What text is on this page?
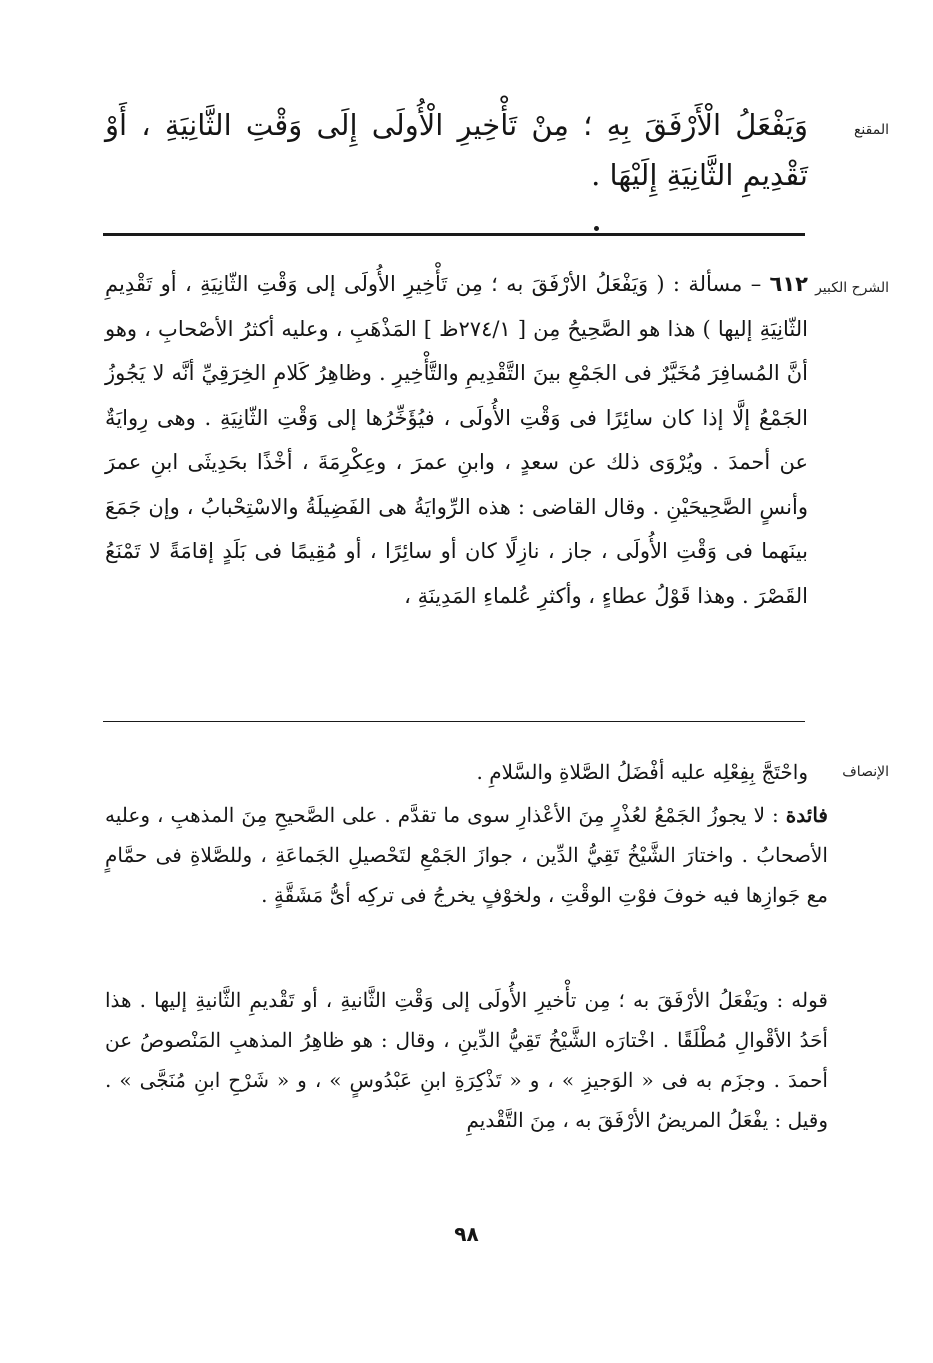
المقنع
وَيَفْعَلُ الْأَرْفَقَ بِهِ ؛ مِنْ تَأْخِيرِ الْأُولَى إِلَى وَقْتِ الثَّانِيَةِ ، أَوْ تَقْدِيمِ الثَّانِيَةِ إِلَيْهَا .
الشرح الكبير
٦١٢ – مسألة : ( وَيَفْعَلُ الأرْفَقَ به ؛ مِن تَأْخِيرِ الأُولَى إلى وَقْتِ الثّانِيَةِ ، أو تَقْدِيمِ الثّانِيَةِ إليها ) هذا هو الصَّحِيحُ مِن [ ٢٧٤/١ظ ] المَذْهَبِ ، وعليه أكثرُ الأصْحابِ ، وهو أنَّ المُسافِرَ مُخَيَّرٌ فى الجَمْعِ بينَ التَّقْدِيمِ والتَّأْخِيرِ . وظاهِرُ كَلامِ الخِرَقِيِّ أنَّه لا يَجُوزُ الجَمْعُ إلَّا إذا كان سائِرًا فى وَقْتِ الأُولَى ، فيُؤَخِّرُها إلى وَقْتِ الثّانِيَةِ . وهى رِوايَةٌ عن أحمدَ . ويُرْوَى ذلك عن سعدٍ ، وابنِ عمرَ ، وعِكْرِمَةَ ، أخْذًا بحَدِيثَى ابنِ عمرَ وأنسٍ الصَّحِيحَيْنِ . وقال القاضى : هذه الرِّوايَةُ هى الفَضِيلَةُ والاسْتِحْبابُ ، وإن جَمَعَ بينَهما فى وَقْتِ الأُولَى ، جاز ، نازِلًا كان أو سائِرًا ، أو مُقِيمًا فى بَلَدٍ إقامَةً لا تَمْنَعُ القَصْرَ . وهذا قَوْلُ عطاءٍ ، وأكثرِ عُلماءِ المَدِينَةِ ،
الإنصاف
واحْتَجَّ بِفِعْلِه عليه أفْضَلُ الصَّلاةِ والسَّلامِ .
فائدة : لا يجوزُ الجَمْعُ لعُذْرٍ مِنَ الأعْذارِ سوى ما تقدَّم . على الصَّحيحِ مِنَ المذهبِ ، وعليه الأصحابُ . واختارَ الشَّيْخُ تَقِيُّ الدِّين ، جوازَ الجَمْعِ لتَحْصيلِ الجَماعَةِ ، وللصَّلاةِ فى حمَّامٍ مع جَوازِها فيه خوفَ فوْتِ الوقْتِ ، ولخوْفٍ يخرجُ فى تركِه أىُّ مَشَقَّةٍ .
قوله : ويَفْعَلُ الأرْفَقَ به ؛ مِن تأْخيرِ الأُولَى إلى وَقْتِ الثَّانيةِ ، أو تَقْديمِ الثَّانيةِ إليها . هذا أحَدُ الأقْوالِ مُطْلَقًا . اخْتارَه الشَّيْخُ تَقِيُّ الدِّينِ ، وقال : هو ظاهِرُ المذهبِ المَنْصوصُ عن أحمدَ . وجزَم به فى « الوَجيزِ » ، و « تَذْكِرَةِ ابنِ عَبْدُوسٍ » ، و « شَرْحِ ابنِ مُنَجَّى » . وقيل : يفْعَلُ المريضُ الأرْفَقَ به ، مِنَ التَّقْديمِ
٩٨
